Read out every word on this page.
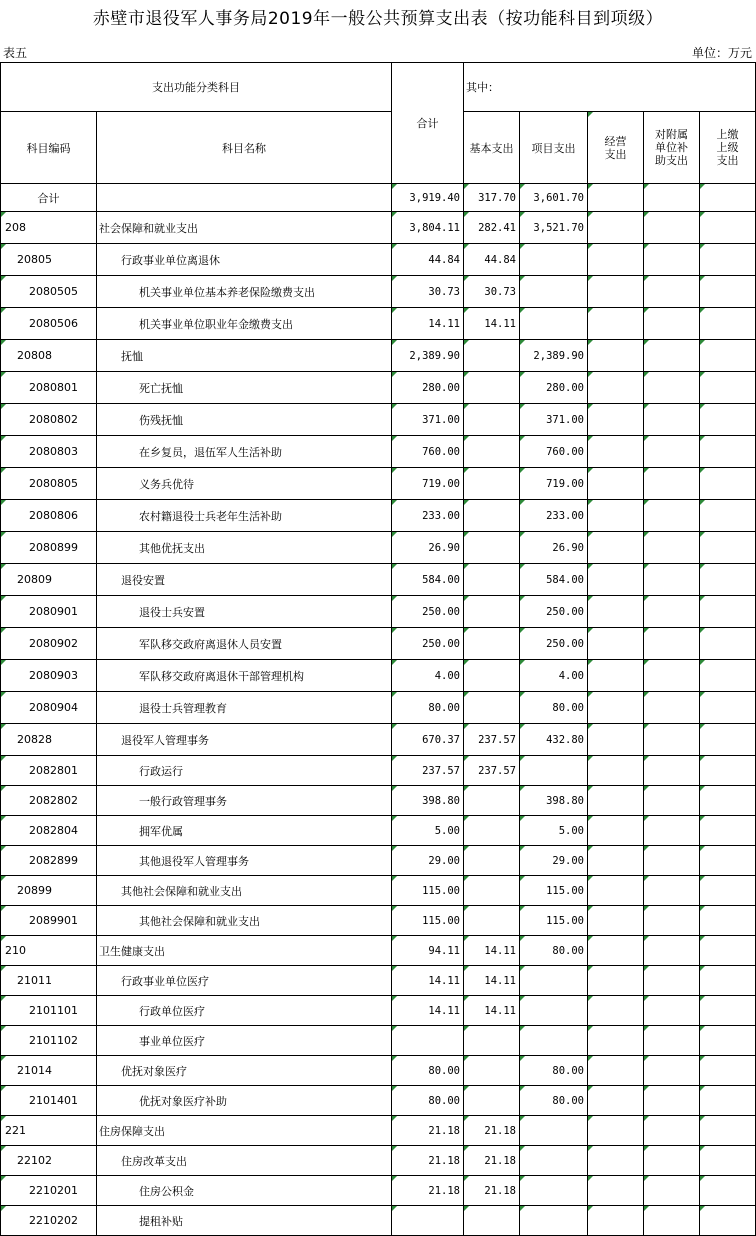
赤壁市退役军人事务局2019年一般公共预算支出表（按功能科目到项级）
表五	单位：万元
支出功能分类科目		合计	其中：				
科目编码	科目名称		基本支出	项目支出	经营支出	对附属单位补助支出	上缴上级支出
合计		3,919.40	317.70	3,601.70			
208	社会保障和就业支出	3,804.11	282.41	3,521.70			
20805	行政事业单位离退休	44.84	44.84				
2080505	机关事业单位基本养老保险缴费支出	30.73	30.73				
2080506	机关事业单位职业年金缴费支出	14.11	14.11				
20808	抚恤	2,389.90		2,389.90			
2080801	死亡抚恤	280.00		280.00			
2080802	伤残抚恤	371.00		371.00			
2080803	在乡复员，退伍军人生活补助	760.00		760.00			
2080805	义务兵优待	719.00		719.00			
2080806	农村籍退役士兵老年生活补助	233.00		233.00			
2080899	其他优抚支出	26.90		26.90			
20809	退役安置	584.00		584.00			
2080901	退役士兵安置	250.00		250.00			
2080902	军队移交政府离退休人员安置	250.00		250.00			
2080903	军队移交政府离退休干部管理机构	4.00		4.00			
2080904	退役士兵管理教育	80.00		80.00			
20828	退役军人管理事务	670.37	237.57	432.80			
2082801	行政运行	237.57	237.57				
2082802	一般行政管理事务	398.80		398.80			
2082804	拥军优属	5.00		5.00			
2082899	其他退役军人管理事务	29.00		29.00			
20899	其他社会保障和就业支出	115.00		115.00			
2089901	其他社会保障和就业支出	115.00		115.00			
210	卫生健康支出	94.11	14.11	80.00			
21011	行政事业单位医疗	14.11	14.11				
2101101	行政单位医疗	14.11	14.11				
2101102	事业单位医疗						
21014	优抚对象医疗	80.00		80.00			
2101401	优抚对象医疗补助	80.00		80.00			
221	住房保障支出	21.18	21.18				
22102	住房改革支出	21.18	21.18				
2210201	住房公积金	21.18	21.18				
2210202	提租补贴						
